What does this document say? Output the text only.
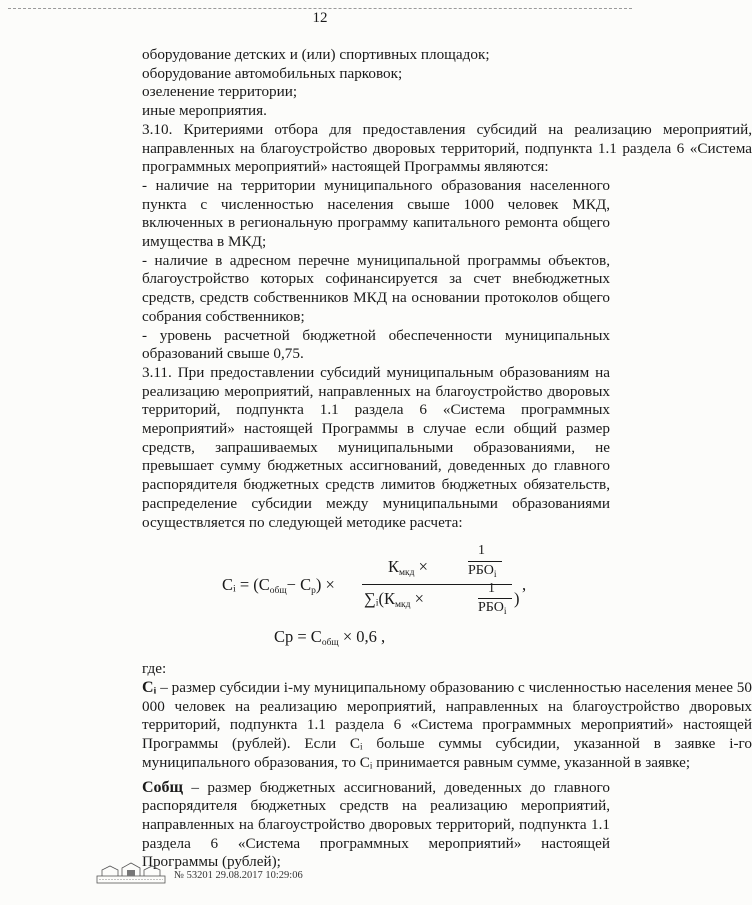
12

оборудование детских и (или) спортивных площадок;

оборудование автомобильных парковок;

озеленение территории;

иные мероприятия.

3.10. Критериями отбора для предоставления субсидий на реализацию мероприятий, направленных на благоустройство дворовых территорий, подпункта 1.1 раздела 6 «Система программных мероприятий» настоящей Программы являются:

- наличие на территории муниципального образования населенного пункта с численностью населения свыше 1000 человек МКД, включенных в региональную программу капитального ремонта общего имущества в МКД;

- наличие в адресном перечне муниципальной программы объектов, благоустройство которых софинансируется за счет внебюджетных средств, средств собственников МКД на основании протоколов общего собрания собственников;

- уровень расчетной бюджетной обеспеченности муниципальных образований свыше 0,75.

3.11. При предоставлении субсидий муниципальным образованиям на реализацию мероприятий, направленных на благоустройство дворовых территорий, подпункта 1.1 раздела 6 «Система программных мероприятий» настоящей Программы в случае если общий размер средств, запрашиваемых муниципальными образованиями, не превышает сумму бюджетных ассигнований, доведенных до главного распорядителя бюджетных средств лимитов бюджетных обязательств, распределение субсидии между муниципальными образованиями осуществляется по следующей методике расчета:

Cᵢ = $(C_{общ}- C_р)$ ×
$К_{мкд}$ ×
1
$РБО_i$
$\sum ᵢ(К_{мкд}$ ×
1
$РБО_i$
)
,
Cр = $C_{общ} \times 0,6$ ,

где:

Cᵢ – размер субсидии i-му муниципальному образованию с численностью населения менее 50 000 человек на реализацию мероприятий, направленных на благоустройство дворовых территорий, подпункта 1.1 раздела 6 «Система программных мероприятий» настоящей Программы (рублей). Если Cᵢ больше суммы субсидии, указанной в заявке i-го муниципального образования, то Cᵢ принимается равным сумме, указанной в заявке;

Cобщ – размер бюджетных ассигнований, доведенных до главного распорядителя бюджетных средств на реализацию мероприятий, направленных на благоустройство дворовых территорий, подпункта 1.1 раздела 6 «Система программных мероприятий» настоящей Программы (рублей);

№ 53201 29.08.2017 10:29:06
